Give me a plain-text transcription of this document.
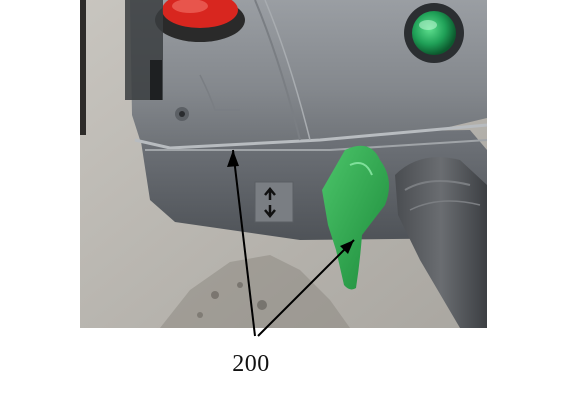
200
